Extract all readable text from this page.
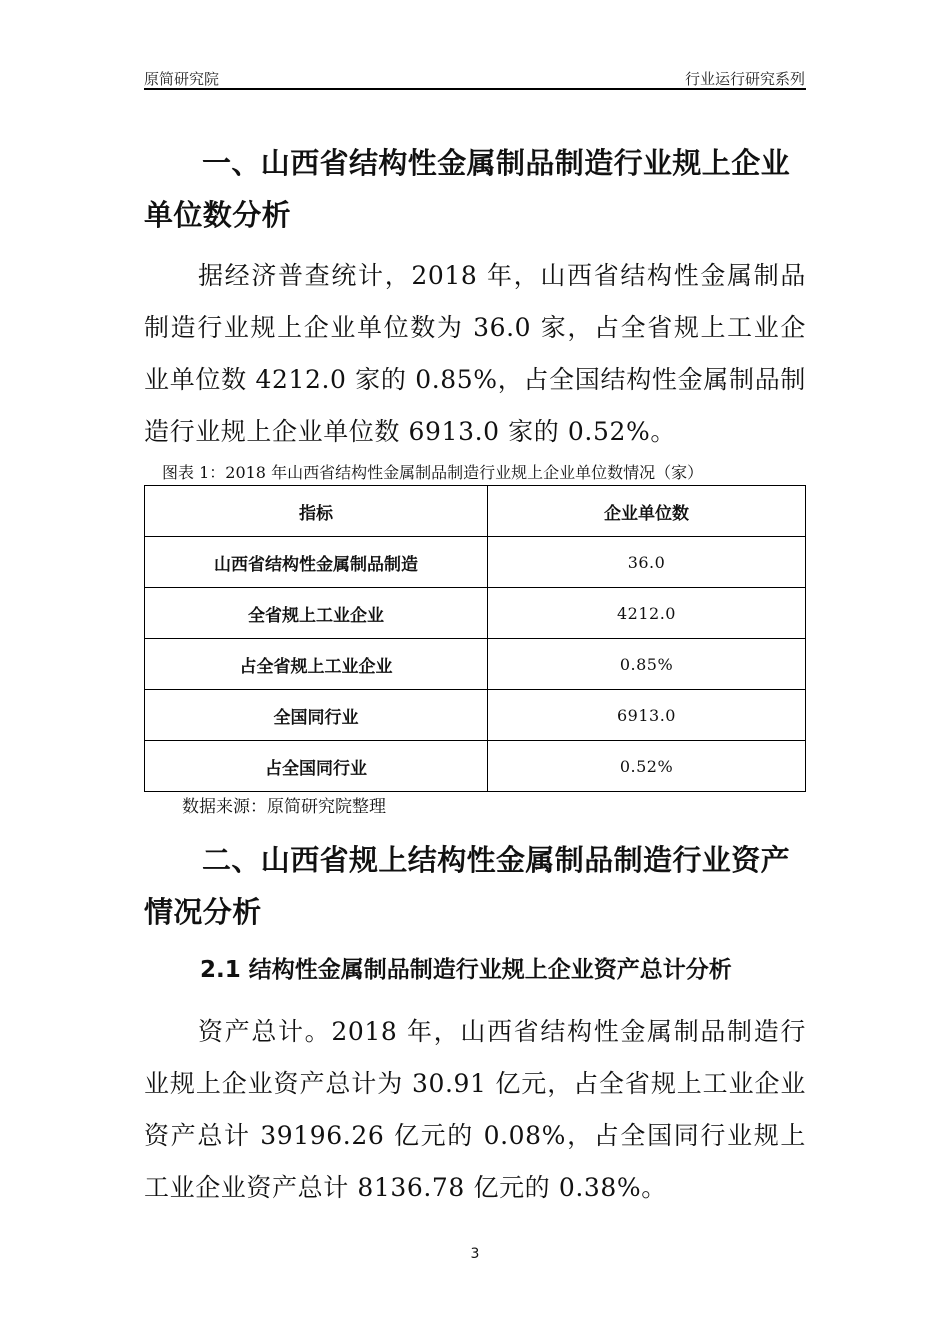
原简研究院	行业运行研究系列
一、山西省结构性金属制品制造行业规上企业单位数分析

据经济普查统计，2018 年，山西省结构性金属制品制造行业规上企业单位数为 36.0 家，占全省规上工业企业单位数 4212.0 家的 0.85%，占全国结构性金属制品制造行业规上企业单位数 6913.0 家的 0.52%。

图表 1：2018 年山西省结构性金属制品制造行业规上企业单位数情况（家）
指标	企业单位数
山西省结构性金属制品制造	36.0
全省规上工业企业	4212.0
占全省规上工业企业	0.85%
全国同行业	6913.0
占全国同行业	0.52%
数据来源：原简研究院整理
二、山西省规上结构性金属制品制造行业资产情况分析
2.1 结构性金属制品制造行业规上企业资产总计分析

资产总计。2018 年，山西省结构性金属制品制造行业规上企业资产总计为 30.91 亿元，占全省规上工业企业资产总计 39196.26 亿元的 0.08%，占全国同行业规上工业企业资产总计 8136.78 亿元的 0.38%。

3
